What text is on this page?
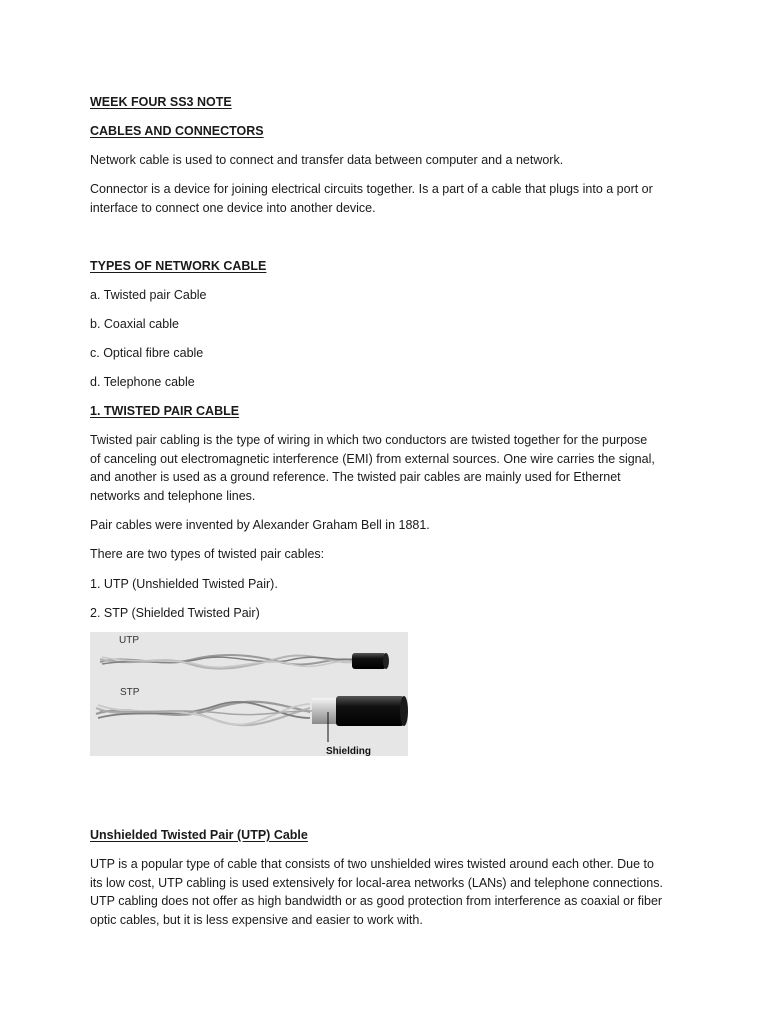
WEEK FOUR SS3 NOTE
CABLES AND CONNECTORS
Network cable is used to connect and transfer data between computer and a network.
Connector is a device for joining electrical circuits together. Is a part of a cable that plugs into a port or
interface to connect one device into another device.
TYPES OF NETWORK CABLE
a. Twisted pair Cable
b. Coaxial cable
c. Optical fibre cable
d. Telephone cable
1. TWISTED PAIR CABLE
Twisted pair cabling is the type of wiring in which two conductors are twisted together for the purpose
of canceling out electromagnetic interference (EMI) from external sources. One wire carries the signal,
and another is used as a ground reference. The twisted pair cables are mainly used for Ethernet
networks and telephone lines.
Pair cables were invented by Alexander Graham Bell in 1881.
There are two types of twisted pair cables:
1. UTP (Unshielded Twisted Pair).
2. STP (Shielded Twisted Pair)
UTP
STP
Shielding
Unshielded Twisted Pair (UTP) Cable
UTP is a popular type of cable that consists of two unshielded wires twisted around each other. Due to
its low cost, UTP cabling is used extensively for local-area networks (LANs) and telephone connections.
UTP cabling does not offer as high bandwidth or as good protection from interference as coaxial or fiber
optic cables, but it is less expensive and easier to work with.
